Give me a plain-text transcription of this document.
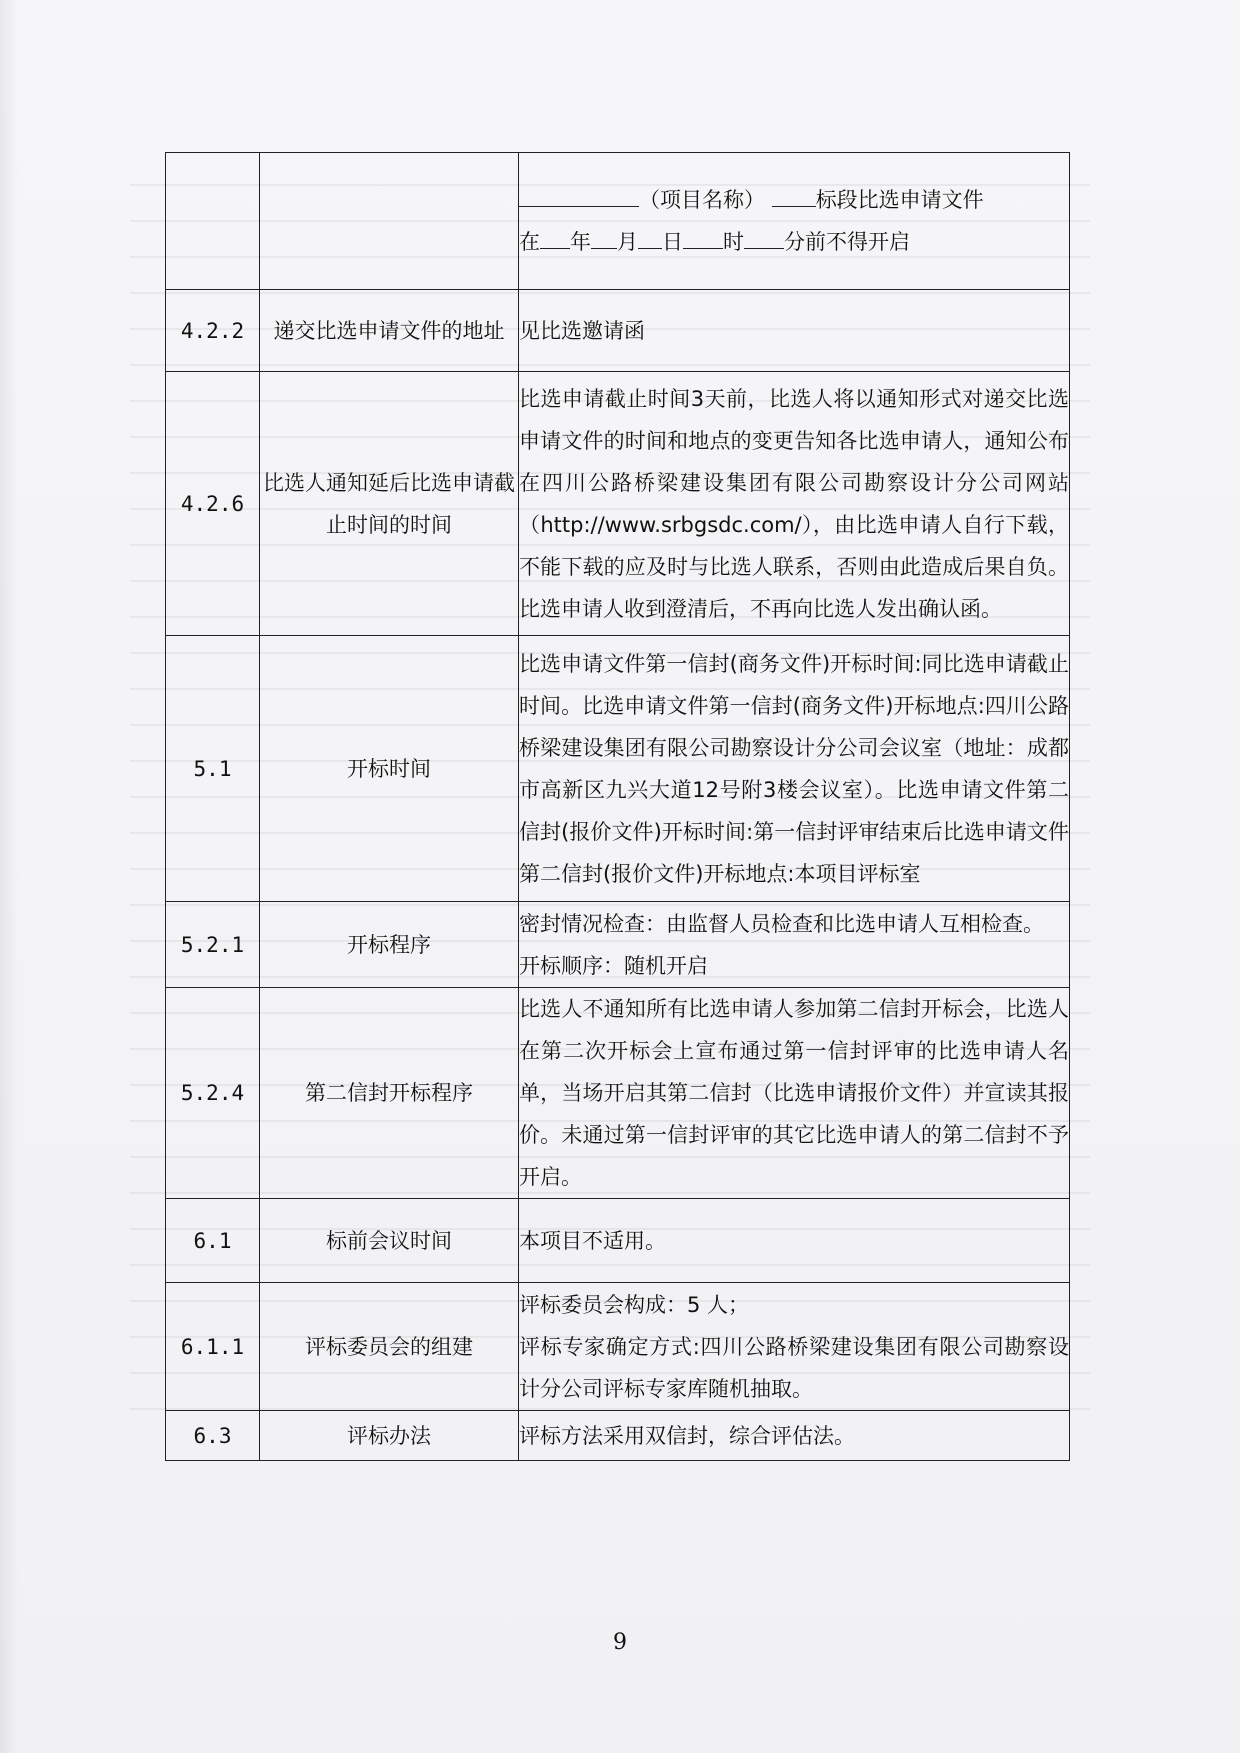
		（项目名称） 标段比选申请文件
在 年 月 日 时 分前不得开启

4.2.2	递交比选申请文件的地址	见比选邀请函
4.2.6	比选人通知延后比选申请截止时间的时间	比选申请截止时间3天前，比选人将以通知形式对递交比选申请文件的时间和地点的变更告知各比选申请人，通知公布在四川公路桥梁建设集团有限公司勘察设计分公司网站（http://www.srbgsdc.com/），由比选申请人自行下载，不能下载的应及时与比选人联系，否则由此造成后果自负。比选申请人收到澄清后，不再向比选人发出确认函。
5.1	开标时间	比选申请文件第一信封(商务文件)开标时间:同比选申请截止时间。比选申请文件第一信封(商务文件)开标地点:四川公路桥梁建设集团有限公司勘察设计分公司会议室（地址：成都市高新区九兴大道12号附3楼会议室）。比选申请文件第二信封(报价文件)开标时间:第一信封评审结束后比选申请文件第二信封(报价文件)开标地点:本项目评标室
5.2.1	开标程序	密封情况检查：由监督人员检查和比选申请人互相检查。
开标顺序：随机开启

5.2.4	第二信封开标程序	比选人不通知所有比选申请人参加第二信封开标会，比选人在第二次开标会上宣布通过第一信封评审的比选申请人名单，当场开启其第二信封（比选申请报价文件）并宣读其报价。未通过第一信封评审的其它比选申请人的第二信封不予开启。
6.1	标前会议时间	本项目不适用。
6.1.1	评标委员会的组建	评标委员会构成：5 人；
评标专家确定方式:四川公路桥梁建设集团有限公司勘察设计分公司评标专家库随机抽取。
6.3	评标办法	评标方法采用双信封，综合评估法。
9
